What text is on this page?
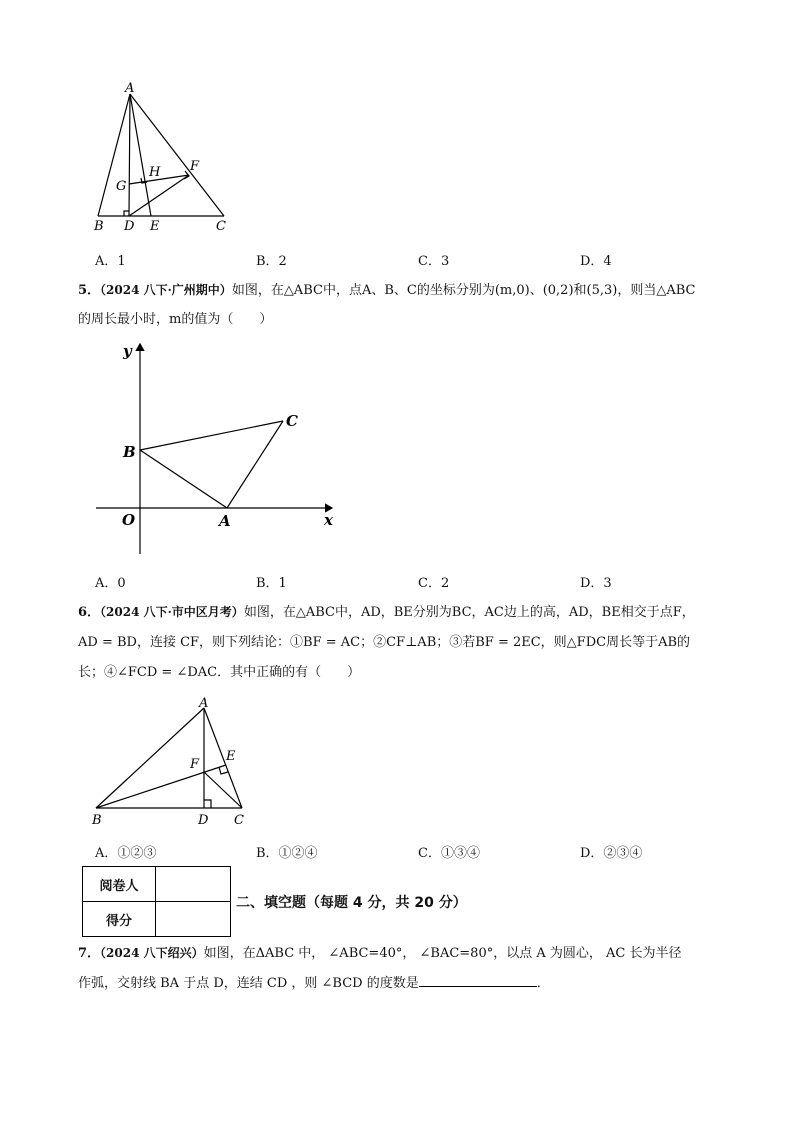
A
B	C
D E
F
G
H
A．1	B．2	C．3	D．4
5．（2024 八下·广州期中）如图，在△ABC中，点A、B、C的坐标分别为(m,0)、(0,2)和(5,3)，则当△ABC
的周长最小时，m的值为（　　）
y
x
O	A
B
C
A．0	B．1	C．2	D．3
6．（2024 八下·市中区月考）如图，在△ABC中，AD，BE分别为BC，AC边上的高，AD，BE相交于点F，
AD = BD，连接 CF，则下列结论：①BF = AC；②CF⊥AB；③若BF = 2EC，则△FDC周长等于AB的
长；④∠FCD = ∠DAC．其中正确的有（　　）
A
B	C
D
E
F
A．①②③	B．①②④	C．①③④	D．②③④
阅卷人	
得分	
二、填空题（每题 4 分，共 20 分）
7．（2024 八下绍兴）如图，在ΔABC 中， ∠ABC=40°， ∠BAC=80°，以点 A 为圆心， AC 长为半径
作弧，交射线 BA 于点 D，连结 CD ，则 ∠BCD 的度数是	．
